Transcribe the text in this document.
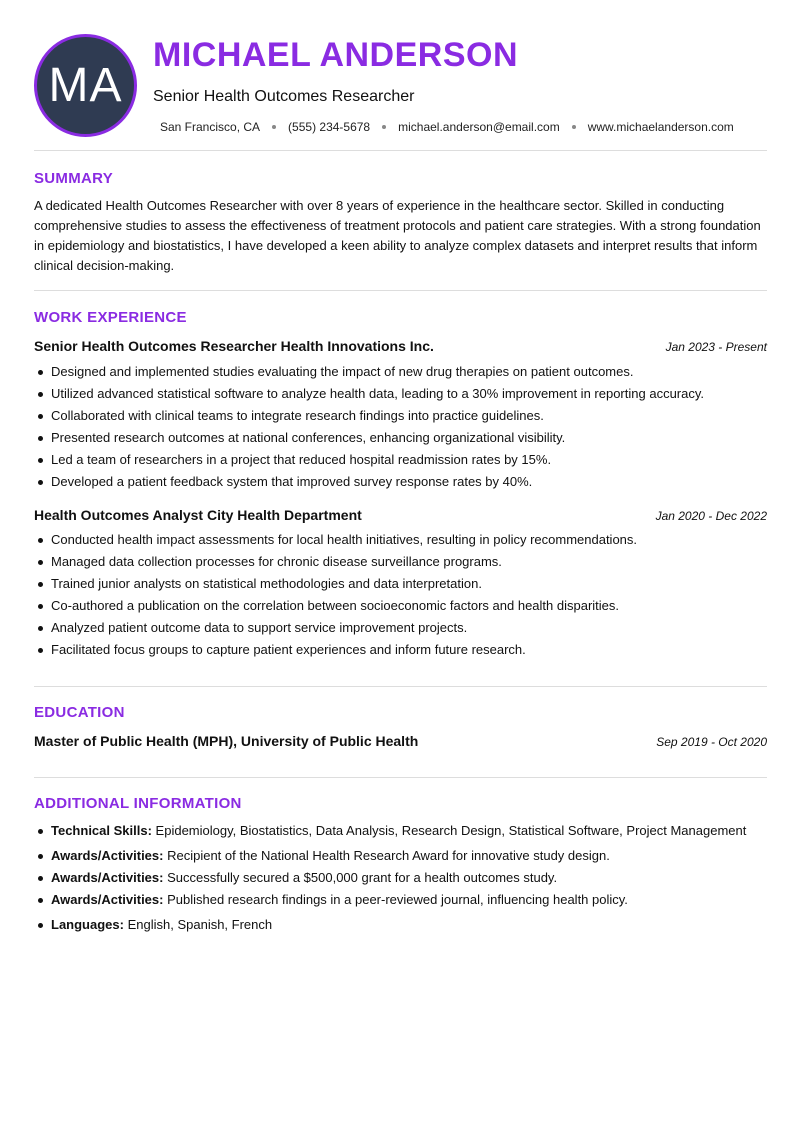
MA
MICHAEL ANDERSON
Senior Health Outcomes Researcher
San Francisco, CA (555) 234-5678 michael.anderson@email.com www.michaelanderson.com
SUMMARY
A dedicated Health Outcomes Researcher with over 8 years of experience in the healthcare sector. Skilled in conducting comprehensive studies to assess the effectiveness of treatment protocols and patient care strategies. With a strong foundation in epidemiology and biostatistics, I have developed a keen ability to analyze complex datasets and interpret results that inform clinical decision-making.
WORK EXPERIENCE
Senior Health Outcomes Researcher Health Innovations Inc.	Jan 2023 - Present
Designed and implemented studies evaluating the impact of new drug therapies on patient outcomes.
Utilized advanced statistical software to analyze health data, leading to a 30% improvement in reporting accuracy.
Collaborated with clinical teams to integrate research findings into practice guidelines.
Presented research outcomes at national conferences, enhancing organizational visibility.
Led a team of researchers in a project that reduced hospital readmission rates by 15%.
Developed a patient feedback system that improved survey response rates by 40%.
Health Outcomes Analyst City Health Department	Jan 2020 - Dec 2022
Conducted health impact assessments for local health initiatives, resulting in policy recommendations.
Managed data collection processes for chronic disease surveillance programs.
Trained junior analysts on statistical methodologies and data interpretation.
Co-authored a publication on the correlation between socioeconomic factors and health disparities.
Analyzed patient outcome data to support service improvement projects.
Facilitated focus groups to capture patient experiences and inform future research.
EDUCATION
Master of Public Health (MPH), University of Public Health	Sep 2019 - Oct 2020
ADDITIONAL INFORMATION
Technical Skills: Epidemiology, Biostatistics, Data Analysis, Research Design, Statistical Software, Project Management
Awards/Activities: Recipient of the National Health Research Award for innovative study design.
Awards/Activities: Successfully secured a $500,000 grant for a health outcomes study.
Awards/Activities: Published research findings in a peer-reviewed journal, influencing health policy.
Languages: English, Spanish, French
